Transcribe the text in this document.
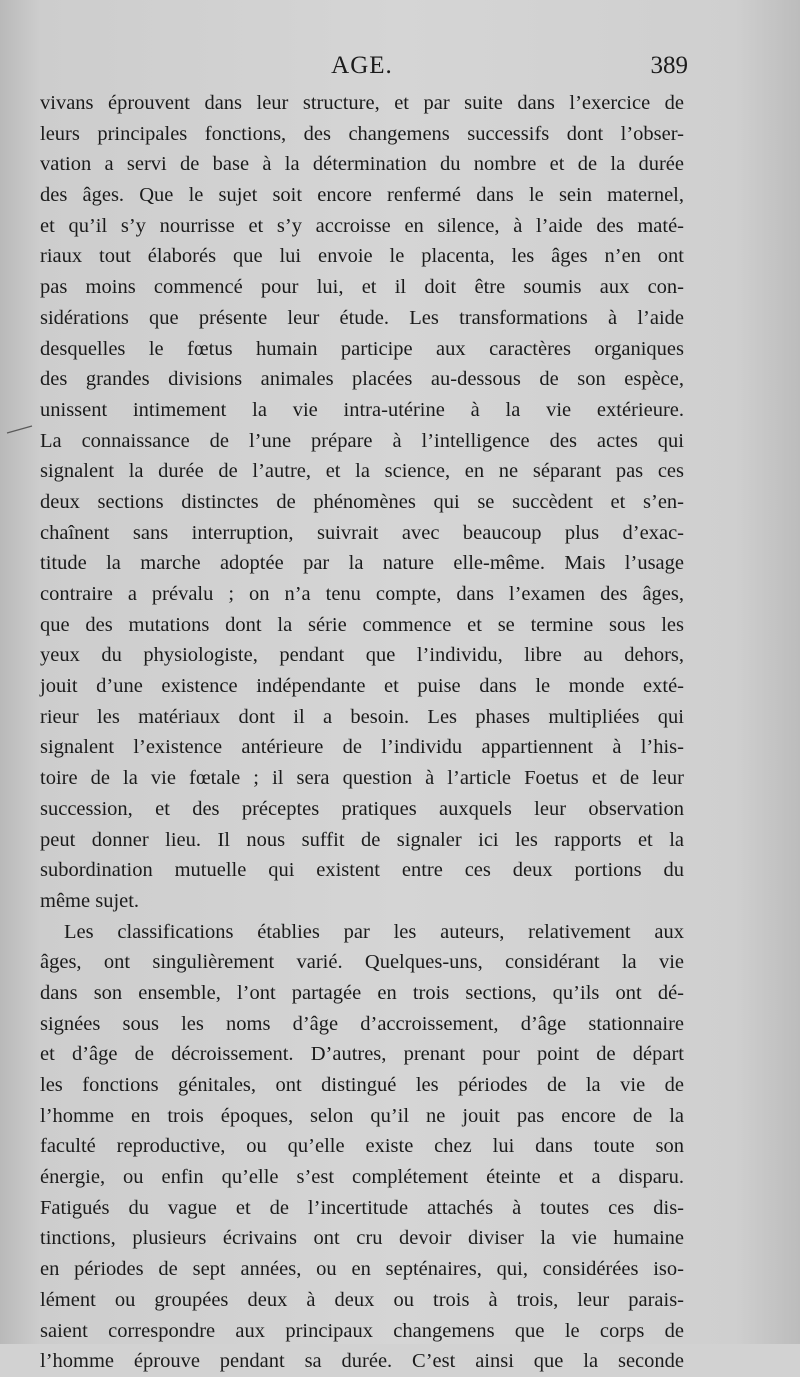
AGE.	389
vivans éprouvent dans leur structure, et par suite dans l’exercice de
leurs principales fonctions, des changemens successifs dont l’obser-
vation a servi de base à la détermination du nombre et de la durée
des âges. Que le sujet soit encore renfermé dans le sein maternel,
et qu’il s’y nourrisse et s’y accroisse en silence, à l’aide des maté-
riaux tout élaborés que lui envoie le placenta, les âges n’en ont
pas moins commencé pour lui, et il doit être soumis aux con-
sidérations que présente leur étude. Les transformations à l’aide
desquelles le fœtus humain participe aux caractères organiques
des grandes divisions animales placées au-dessous de son espèce,
unissent intimement la vie intra-utérine à la vie extérieure.
La connaissance de l’une prépare à l’intelligence des actes qui
signalent la durée de l’autre, et la science, en ne séparant pas ces
deux sections distinctes de phénomènes qui se succèdent et s’en-
chaînent sans interruption, suivrait avec beaucoup plus d’exac-
titude la marche adoptée par la nature elle-même. Mais l’usage
contraire a prévalu ; on n’a tenu compte, dans l’examen des âges,
que des mutations dont la série commence et se termine sous les
yeux du physiologiste, pendant que l’individu, libre au dehors,
jouit d’une existence indépendante et puise dans le monde exté-
rieur les matériaux dont il a besoin. Les phases multipliées qui
signalent l’existence antérieure de l’individu appartiennent à l’his-
toire de la vie fœtale ; il sera question à l’article Foetus et de leur
succession, et des préceptes pratiques auxquels leur observation
peut donner lieu. Il nous suffit de signaler ici les rapports et la
subordination mutuelle qui existent entre ces deux portions du
même sujet.
Les classifications établies par les auteurs, relativement aux
âges, ont singulièrement varié. Quelques-uns, considérant la vie
dans son ensemble, l’ont partagée en trois sections, qu’ils ont dé-
signées sous les noms d’âge d’accroissement, d’âge stationnaire
et d’âge de décroissement. D’autres, prenant pour point de départ
les fonctions génitales, ont distingué les périodes de la vie de
l’homme en trois époques, selon qu’il ne jouit pas encore de la
faculté reproductive, ou qu’elle existe chez lui dans toute son
énergie, ou enfin qu’elle s’est complétement éteinte et a disparu.
Fatigués du vague et de l’incertitude attachés à toutes ces dis-
tinctions, plusieurs écrivains ont cru devoir diviser la vie humaine
en périodes de sept années, ou en septénaires, qui, considérées iso-
lément ou groupées deux à deux ou trois à trois, leur parais-
saient correspondre aux principaux changemens que le corps de
l’homme éprouve pendant sa durée. C’est ainsi que la seconde
